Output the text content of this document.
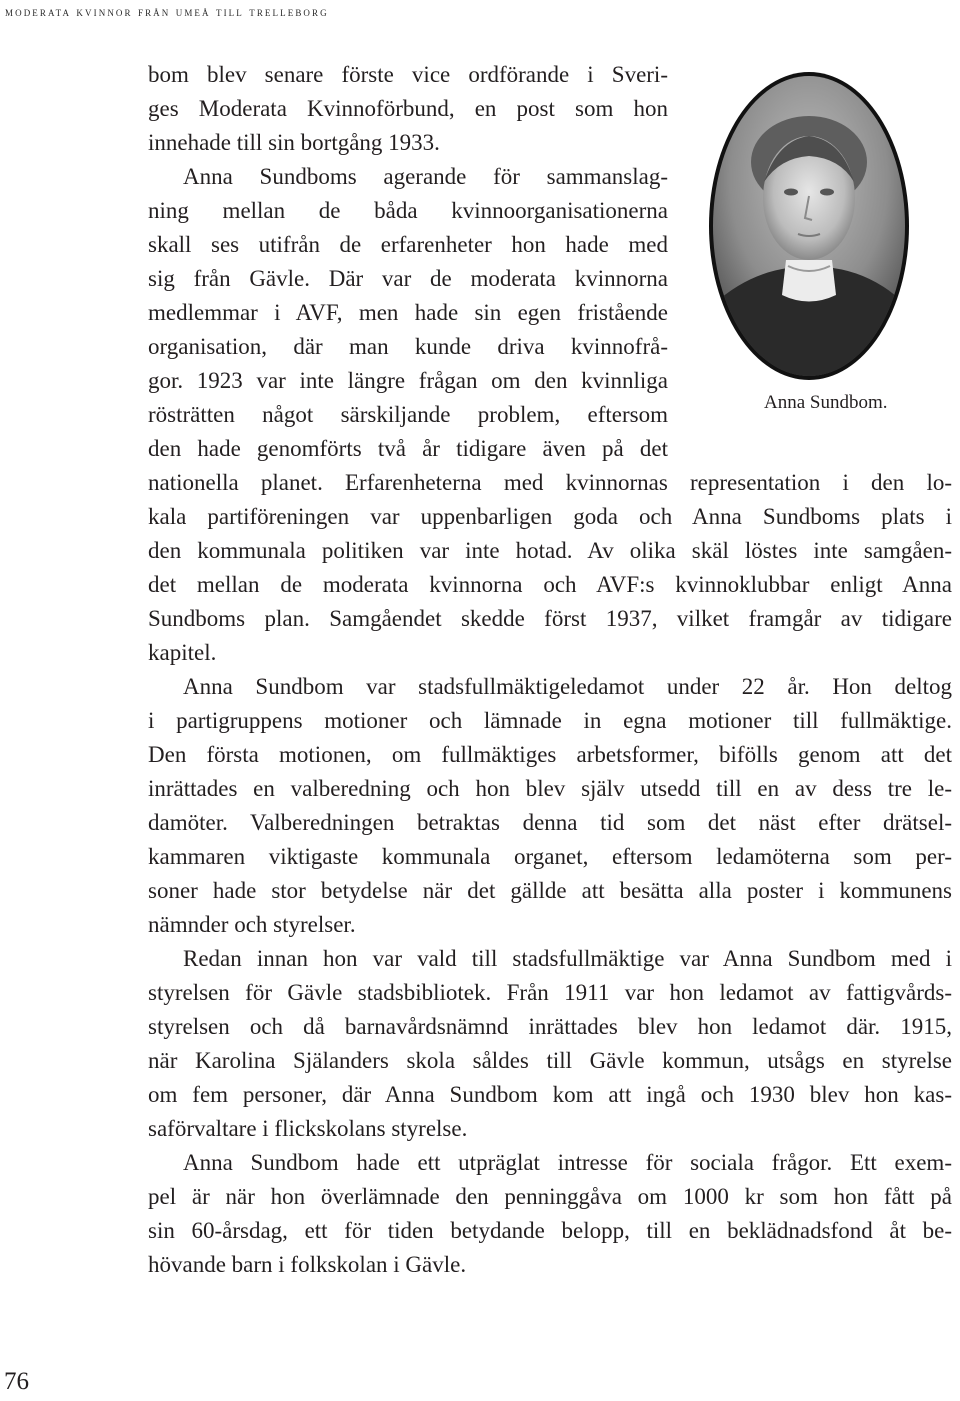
moderata kvinnor från umeå till trelleborg
Anna Sundbom.
bom blev senare förste vice ordförande i Sveri-
ges Moderata Kvinnoförbund, en post som hon
innehade till sin bortgång 1933.
Anna Sundboms agerande för sammanslag-
ning mellan de båda kvinnoorganisationerna
skall ses utifrån de erfarenheter hon hade med
sig från Gävle. Där var de moderata kvinnorna
medlemmar i AVF, men hade sin egen fristående
organisation, där man kunde driva kvinnofrå-
gor. 1923 var inte längre frågan om den kvinnliga
rösträtten något särskiljande problem, eftersom
den hade genomförts två år tidigare även på det
nationella planet. Erfarenheterna med kvinnornas representation i den lo-
kala partiföreningen var uppenbarligen goda och Anna Sundboms plats i
den kommunala politiken var inte hotad. Av olika skäl löstes inte samgåen-
det mellan de moderata kvinnorna och AVF:s kvinnoklubbar enligt Anna
Sundboms plan. Samgåendet skedde först 1937, vilket framgår av tidigare
kapitel.
Anna Sundbom var stadsfullmäktigeledamot under 22 år. Hon deltog
i partigruppens motioner och lämnade in egna motioner till fullmäktige.
Den första motionen, om fullmäktiges arbetsformer, bifölls genom att det
inrättades en valberedning och hon blev själv utsedd till en av dess tre le-
damöter. Valberedningen betraktas denna tid som det näst efter drätsel-
kammaren viktigaste kommunala organet, eftersom ledamöterna som per-
soner hade stor betydelse när det gällde att besätta alla poster i kommunens
nämnder och styrelser.
Redan innan hon var vald till stadsfullmäktige var Anna Sundbom med i
styrelsen för Gävle stadsbibliotek. Från 1911 var hon ledamot av fattigvårds-
styrelsen och då barnavårdsnämnd inrättades blev hon ledamot där. 1915,
när Karolina Själanders skola såldes till Gävle kommun, utsågs en styrelse
om fem personer, där Anna Sundbom kom att ingå och 1930 blev hon kas-
saförvaltare i flickskolans styrelse.
Anna Sundbom hade ett utpräglat intresse för sociala frågor. Ett exem-
pel är när hon överlämnade den penninggåva om 1000 kr som hon fått på
sin 60-årsdag, ett för tiden betydande belopp, till en beklädnadsfond åt be-
hövande barn i folkskolan i Gävle.
76
